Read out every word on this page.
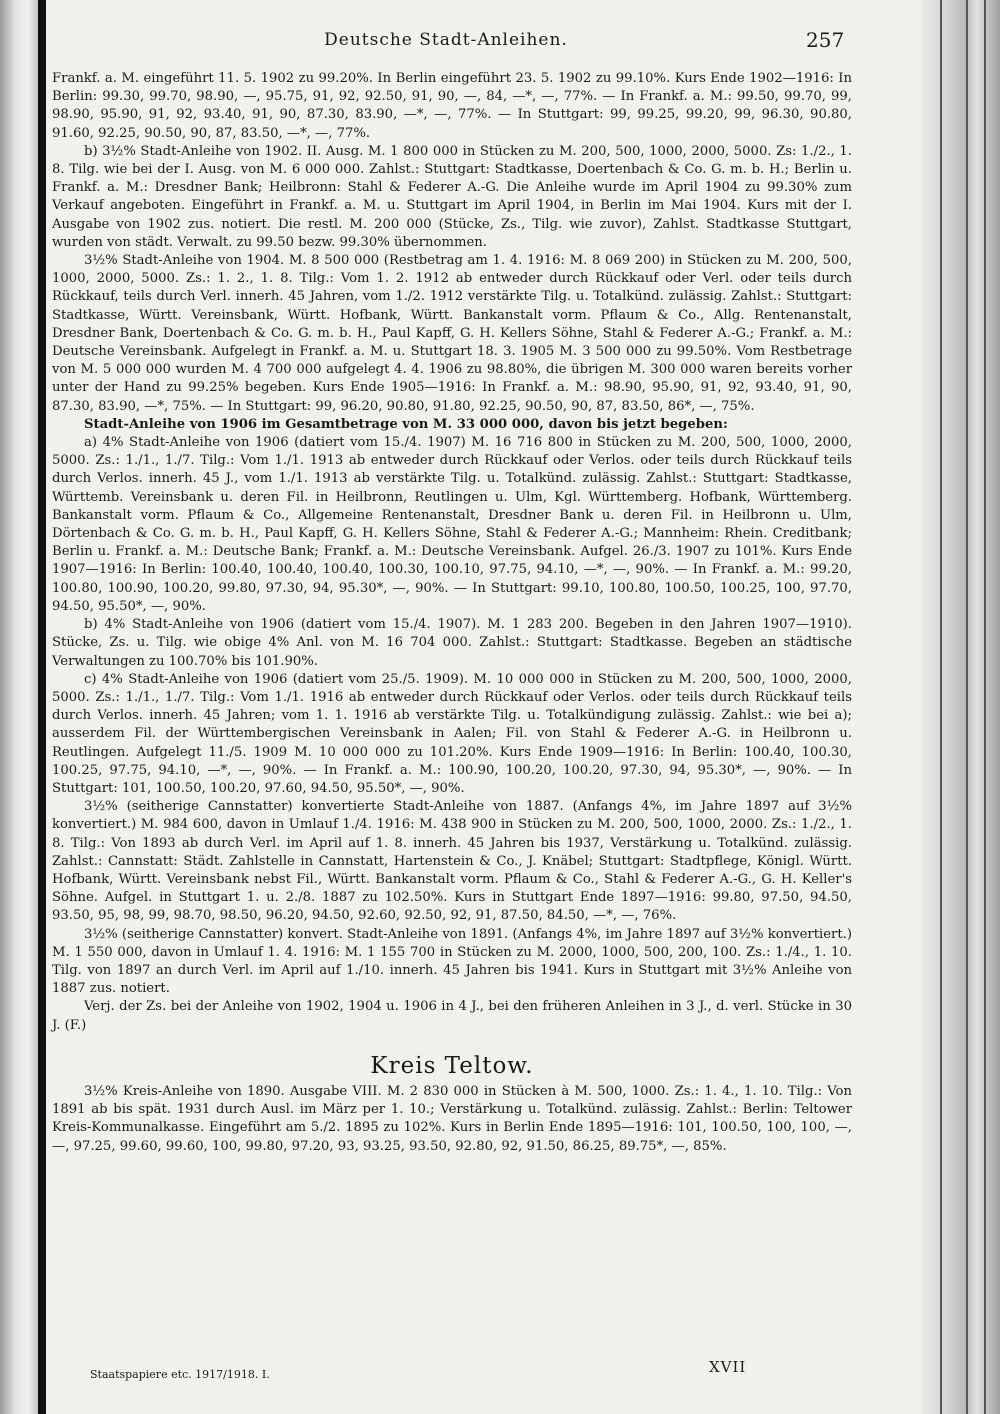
Deutsche Stadt-Anleihen.	257

Frankf. a. M. eingeführt 11. 5. 1902 zu 99.20%. In Berlin eingeführt 23. 5. 1902 zu 99.10%. Kurs Ende 1902—1916: In Berlin: 99.30, 99.70, 98.90, —, 95.75, 91, 92, 92.50, 91, 90, —, 84, —*, —, 77%. — In Frankf. a. M.: 99.50, 99.70, 99, 98.90, 95.90, 91, 92, 93.40, 91, 90, 87.30, 83.90, —*, —, 77%. — In Stuttgart: 99, 99.25, 99.20, 99, 96.30, 90.80, 91.60, 92.25, 90.50, 90, 87, 83.50, —*, —, 77%.

b) 3½% Stadt-Anleihe von 1902. II. Ausg. M. 1 800 000 in Stücken zu M. 200, 500, 1000, 2000, 5000. Zs: 1./2., 1. 8. Tilg. wie bei der I. Ausg. von M. 6 000 000. Zahlst.: Stuttgart: Stadtkasse, Doertenbach & Co. G. m. b. H.; Berlin u. Frankf. a. M.: Dresdner Bank; Heilbronn: Stahl & Federer A.-G. Die Anleihe wurde im April 1904 zu 99.30% zum Verkauf angeboten. Eingeführt in Frankf. a. M. u. Stuttgart im April 1904, in Berlin im Mai 1904. Kurs mit der I. Ausgabe von 1902 zus. notiert. Die restl. M. 200 000 (Stücke, Zs., Tilg. wie zuvor), Zahlst. Stadtkasse Stuttgart, wurden von städt. Verwalt. zu 99.50 bezw. 99.30% übernommen.

3½% Stadt-Anleihe von 1904. M. 8 500 000 (Restbetrag am 1. 4. 1916: M. 8 069 200) in Stücken zu M. 200, 500, 1000, 2000, 5000. Zs.: 1. 2., 1. 8. Tilg.: Vom 1. 2. 1912 ab entweder durch Rückkauf oder Verl. oder teils durch Rückkauf, teils durch Verl. innerh. 45 Jahren, vom 1./2. 1912 verstärkte Tilg. u. Totalkünd. zulässig. Zahlst.: Stuttgart: Stadtkasse, Württ. Vereinsbank, Württ. Hofbank, Württ. Bankanstalt vorm. Pflaum & Co., Allg. Rentenanstalt, Dresdner Bank, Doertenbach & Co. G. m. b. H., Paul Kapff, G. H. Kellers Söhne, Stahl & Federer A.-G.; Frankf. a. M.: Deutsche Vereinsbank. Aufgelegt in Frankf. a. M. u. Stuttgart 18. 3. 1905 M. 3 500 000 zu 99.50%. Vom Restbetrage von M. 5 000 000 wurden M. 4 700 000 aufgelegt 4. 4. 1906 zu 98.80%, die übrigen M. 300 000 waren bereits vorher unter der Hand zu 99.25% begeben. Kurs Ende 1905—1916: In Frankf. a. M.: 98.90, 95.90, 91, 92, 93.40, 91, 90, 87.30, 83.90, —*, 75%. — In Stuttgart: 99, 96.20, 90.80, 91.80, 92.25, 90.50, 90, 87, 83.50, 86*, —, 75%.

Stadt-Anleihe von 1906 im Gesamtbetrage von M. 33 000 000, davon bis jetzt begeben:

a) 4% Stadt-Anleihe von 1906 (datiert vom 15./4. 1907) M. 16 716 800 in Stücken zu M. 200, 500, 1000, 2000, 5000. Zs.: 1./1., 1./7. Tilg.: Vom 1./1. 1913 ab entweder durch Rückkauf oder Verlos. oder teils durch Rückkauf teils durch Verlos. innerh. 45 J., vom 1./1. 1913 ab verstärkte Tilg. u. Totalkünd. zulässig. Zahlst.: Stuttgart: Stadtkasse, Württemb. Vereinsbank u. deren Fil. in Heilbronn, Reutlingen u. Ulm, Kgl. Württemberg. Hofbank, Württemberg. Bankanstalt vorm. Pflaum & Co., Allgemeine Rentenanstalt, Dresdner Bank u. deren Fil. in Heilbronn u. Ulm, Dörtenbach & Co. G. m. b. H., Paul Kapff, G. H. Kellers Söhne, Stahl & Federer A.-G.; Mannheim: Rhein. Creditbank; Berlin u. Frankf. a. M.: Deutsche Bank; Frankf. a. M.: Deutsche Vereinsbank. Aufgel. 26./3. 1907 zu 101%. Kurs Ende 1907—1916: In Berlin: 100.40, 100.40, 100.40, 100.30, 100.10, 97.75, 94.10, —*, —, 90%. — In Frankf. a. M.: 99.20, 100.80, 100.90, 100.20, 99.80, 97.30, 94, 95.30*, —, 90%. — In Stuttgart: 99.10, 100.80, 100.50, 100.25, 100, 97.70, 94.50, 95.50*, —, 90%.

b) 4% Stadt-Anleihe von 1906 (datiert vom 15./4. 1907). M. 1 283 200. Begeben in den Jahren 1907—1910). Stücke, Zs. u. Tilg. wie obige 4% Anl. von M. 16 704 000. Zahlst.: Stuttgart: Stadtkasse. Begeben an städtische Verwaltungen zu 100.70% bis 101.90%.

c) 4% Stadt-Anleihe von 1906 (datiert vom 25./5. 1909). M. 10 000 000 in Stücken zu M. 200, 500, 1000, 2000, 5000. Zs.: 1./1., 1./7. Tilg.: Vom 1./1. 1916 ab entweder durch Rückkauf oder Verlos. oder teils durch Rückkauf teils durch Verlos. innerh. 45 Jahren; vom 1. 1. 1916 ab verstärkte Tilg. u. Totalkündigung zulässig. Zahlst.: wie bei a); ausserdem Fil. der Württembergischen Vereinsbank in Aalen; Fil. von Stahl & Federer A.-G. in Heilbronn u. Reutlingen. Aufgelegt 11./5. 1909 M. 10 000 000 zu 101.20%. Kurs Ende 1909—1916: In Berlin: 100.40, 100.30, 100.25, 97.75, 94.10, —*, —, 90%. — In Frankf. a. M.: 100.90, 100.20, 100.20, 97.30, 94, 95.30*, —, 90%. — In Stuttgart: 101, 100.50, 100.20, 97.60, 94.50, 95.50*, —, 90%.

3½% (seitherige Cannstatter) konvertierte Stadt-Anleihe von 1887. (Anfangs 4%, im Jahre 1897 auf 3½% konvertiert.) M. 984 600, davon in Umlauf 1./4. 1916: M. 438 900 in Stücken zu M. 200, 500, 1000, 2000. Zs.: 1./2., 1. 8. Tilg.: Von 1893 ab durch Verl. im April auf 1. 8. innerh. 45 Jahren bis 1937, Verstärkung u. Totalkünd. zulässig. Zahlst.: Cannstatt: Städt. Zahlstelle in Cannstatt, Hartenstein & Co., J. Knäbel; Stuttgart: Stadtpflege, Königl. Württ. Hofbank, Württ. Vereinsbank nebst Fil., Württ. Bankanstalt vorm. Pflaum & Co., Stahl & Federer A.-G., G. H. Keller's Söhne. Aufgel. in Stuttgart 1. u. 2./8. 1887 zu 102.50%. Kurs in Stuttgart Ende 1897—1916: 99.80, 97.50, 94.50, 93.50, 95, 98, 99, 98.70, 98.50, 96.20, 94.50, 92.60, 92.50, 92, 91, 87.50, 84.50, —*, —, 76%.

3½% (seitherige Cannstatter) konvert. Stadt-Anleihe von 1891. (Anfangs 4%, im Jahre 1897 auf 3½% konvertiert.) M. 1 550 000, davon in Umlauf 1. 4. 1916: M. 1 155 700 in Stücken zu M. 2000, 1000, 500, 200, 100. Zs.: 1./4., 1. 10. Tilg. von 1897 an durch Verl. im April auf 1./10. innerh. 45 Jahren bis 1941. Kurs in Stuttgart mit 3½% Anleihe von 1887 zus. notiert.

Verj. der Zs. bei der Anleihe von 1902, 1904 u. 1906 in 4 J., bei den früheren Anleihen in 3 J., d. verl. Stücke in 30 J. (F.)

Kreis Teltow.

3½% Kreis-Anleihe von 1890. Ausgabe VIII. M. 2 830 000 in Stücken à M. 500, 1000. Zs.: 1. 4., 1. 10. Tilg.: Von 1891 ab bis spät. 1931 durch Ausl. im März per 1. 10.; Verstärkung u. Totalkünd. zulässig. Zahlst.: Berlin: Teltower Kreis-Kommunalkasse. Eingeführt am 5./2. 1895 zu 102%. Kurs in Berlin Ende 1895—1916: 101, 100.50, 100, 100, —, —, 97.25, 99.60, 99.60, 100, 99.80, 97.20, 93, 93.25, 93.50, 92.80, 92, 91.50, 86.25, 89.75*, —, 85%.

Staatspapiere etc. 1917/1918. I.	XVII
